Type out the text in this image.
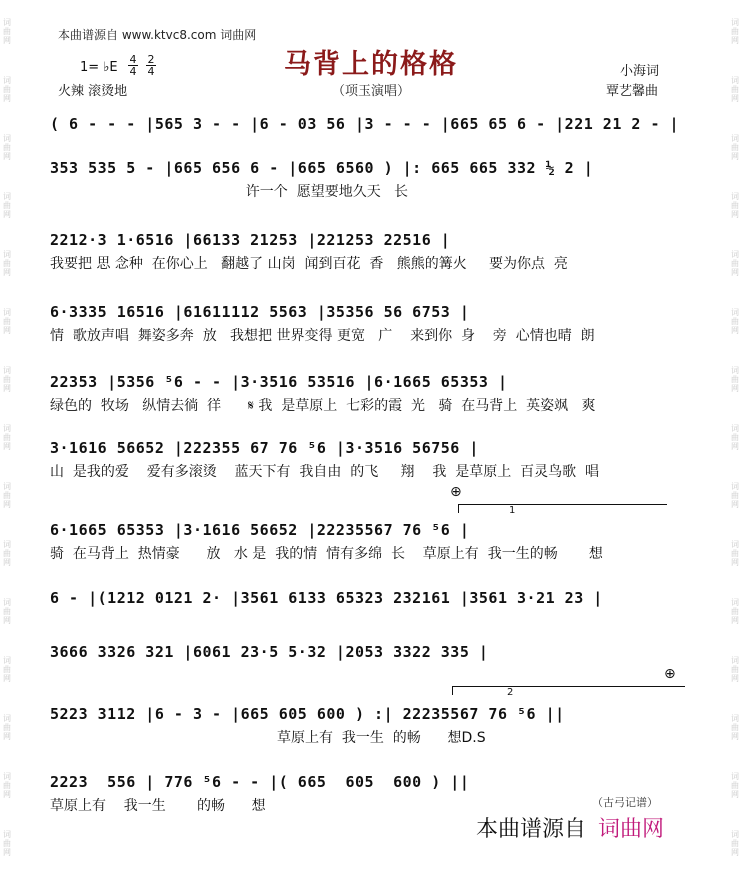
词
曲
网
词
曲
网
词
曲
网
词
曲
网
词
曲
网
词
曲
网
词
曲
网
词
曲
网
词
曲
网
词
曲
网
词
曲
网
词
曲
网
词
曲
网
词
曲
网
词
曲
网
词
曲
网
词
曲
网
词
曲
网
词
曲
网
词
曲
网
词
曲
网
词
曲
网
词
曲
网
词
曲
网
词
曲
网
词
曲
网
词
曲
网
词
曲
网
词
曲
网
词
曲
网
本曲谱源自 www.ktvc8.com 词曲网
马背上的格格
（项玉演唱）
1= ♭E
4
4
2
4
火辣 滚烫地
小海词
覃艺馨曲
( 6 - - - |565 3 - - |6 - 03 56 |3 - - - |665 65 6 - |221 21 2 - |
353 535 5 - |665 656 6 - |665 6560 ) |: 665 665 332 ½ 2 |
许一个  愿望要地久天   长
2212·3 1·6516 |66133 21253 |221253 22516 |
我要把 思 念种  在你心上   翻越了 山岗  闻到百花  香   熊熊的篝火     要为你点  亮
6·3335 16516 |61611112 5563 |35356 56 6753 |
情  歌放声唱  舞姿多奔  放   我想把 世界变得 更宽   广    来到你  身    旁  心情也晴  朗
22353 |5356 ⁵6 - - |3·3516 53516 |6·1665 65353 |
绿色的  牧场   纵情去徜  徉      𝄋 我  是草原上  七彩的霞  光   骑  在马背上  英姿飒   爽
3·1616 56652 |222355 67 76 ⁵6 |3·3516 56756 |
山  是我的爱    爱有多滚烫    蓝天下有  我自由  的飞     翔    我  是草原上  百灵鸟歌  唱
⊕
1
6·1665 65353 |3·1616 56652 |22235567 76 ⁵6 |
骑  在马背上  热情豪      放   水 是  我的情  情有多绵  长    草原上有  我一生的畅       想
6 - |(1212 0121 2· |3561 6133 65323 232161 |3561 3·21 23 |
3666 3326 321 |6061 23·5 5·32 |2053 3322 335 |
⊕
2
5223 3112 |6 - 3 - |665 605 600 ) :| 22235567 76 ⁵6 ||
草原上有  我一生  的畅      想D.S
2223  556 | 776 ⁵6 - - |( 665  605  600 ) ||
草原上有    我一生       的畅      想	（古弓记谱）
本曲谱源自 词曲网
